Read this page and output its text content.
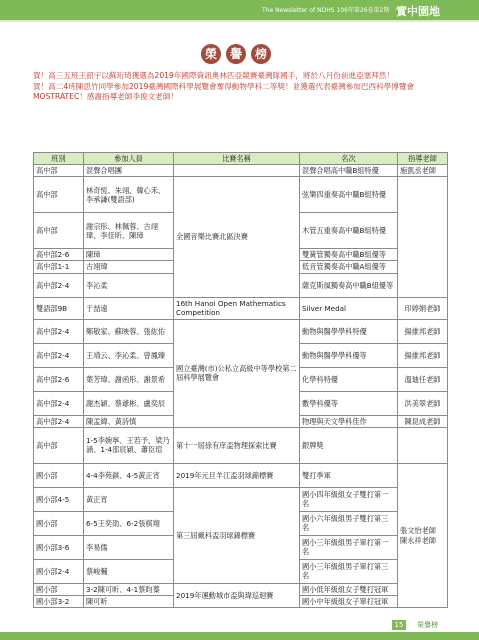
The Newsletter of NDHS 106年第26卷第2期 實中園地
榮	譽	榜

賀！高三五班王韶宇以蘇珩琦獲選為2019年國際資訊奧林匹亞競賽臺灣隊國手，將於八月份前進亞塞拜然！

賀！高二4班陳思竹同學參加2019臺灣國際科學展覽會奪得動物學科二等獎！並獲選代表臺灣參加巴西科學博覽會MOSTRATEC！感謝指導老師李俊文老師！

班別	參加人員	比賽名稱	名次	指導老師
高中部	混聲合唱團		混聲合唱高中職B組特優	施凱丞老師
高中部	林奇恆、朱翊、韓心禾、李承謙(雙語部)	全國音樂比賽北區決賽	弦樂四重奏高中職B組特優	
高中部	謝宗彤、林佩蓉、古翊瑋、李佳昕、陳璋		木管五重奏高中職B組特優	
高中部2-6	陳璋		雙簧管獨奏高中職B組優等	
高中部1-1	古翊瑋		低音管獨奏高中職A組優等	
高中部2-4	李沁柔		薩克斯風獨奏高中職B組優等	
雙語部9B	于喆遠	16th Hanoi Open Mathematics Competition	Silver Medal	印婷娟老師
高中部2-4	鄭敬家、蘇映蓉、張紘佑	國立臺灣(市)公私立高級中等學校第二屆科學展覽會	動物與醫學學科特優	揚維邦老師
高中部2-4	王靖云、李沁柔、曾鳳臻		動物與醫學學科優等	揚維邦老師
高中部2-6	葉芳瑋、謝函彤、謝景希		化學科特優	溫廸任老師
高中部2-4	謝杰穎、蔡爺彬、盧奕辰		數學科優等	洪美翠老師
高中部2-4	陳孟緯、黃詩慎		物理與天文學科佳作	陳昆成老師
高中部	1-5李婉寧、王若予、梁乃涵、1-4邵宸穎、蕭臣瑄	第十一屆徐有庠盃物理探索比賽	銀牌獎	
國小部	4-4李苑錤、4-5黃正宵	2019年元旦羊江盃羽球錦標賽	雙打季軍	張文怡老師 陳永祥老師
國小部4-5	黃正宵	第三屆戴科盃羽球錦標賽	國小四年級組女子雙打第一名	
國小部	6-5王奕劭、6-2張棋翔		國小六年級組男子雙打第三名	
國小部3-6	李易儒		國小三年級組男子單打第一名	
國小部2-4	蔡峻輔		國小三年級組男子單打第三名	
國小部	3-2陳可昕、4-1蔡昀蓁	2019年運動城市盃與瑋巡迴賽	國小低年級組女子雙打冠軍	
國小部3-2	陳可昕		國小中年級組女子單打冠軍	
15 榮譽榜
